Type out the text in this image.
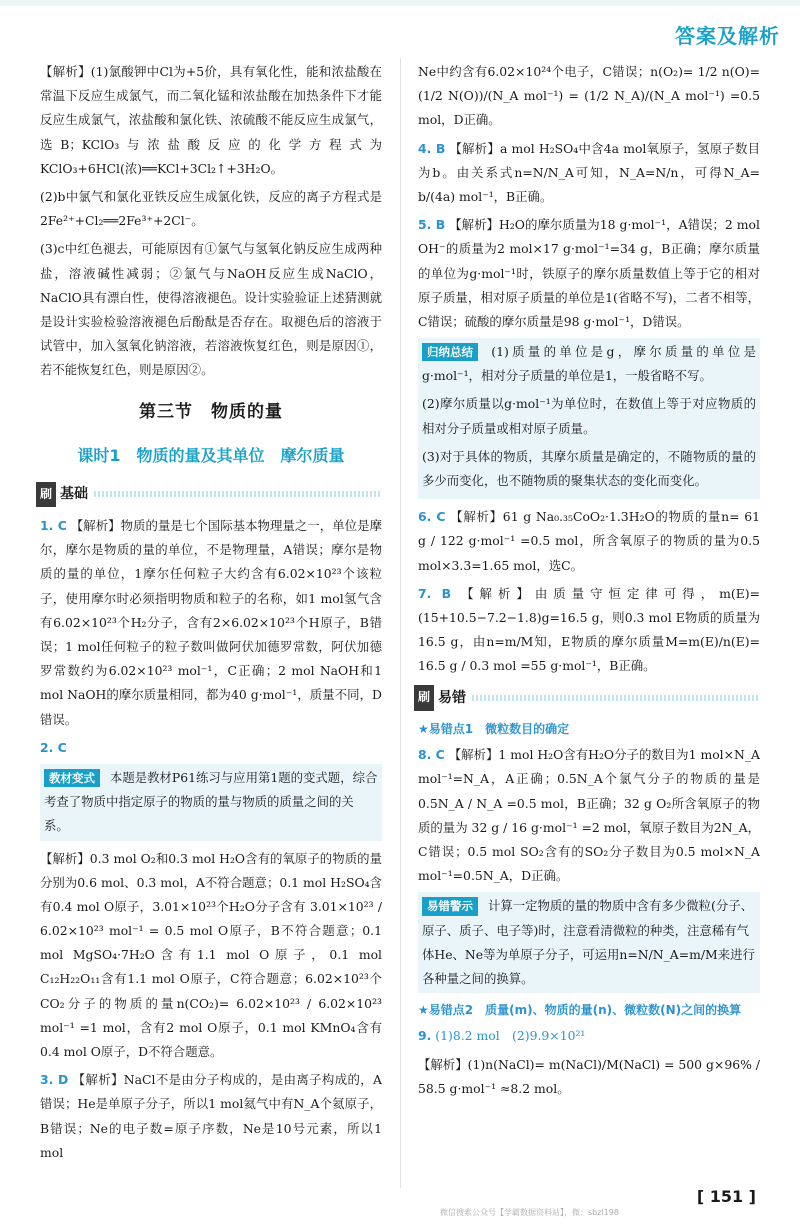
答案及解析

【解析】(1)氯酸钾中Cl为+5价，具有氧化性，能和浓盐酸在常温下反应生成氯气，而二氧化锰和浓盐酸在加热条件下才能反应生成氯气，浓盐酸和氯化铁、浓硫酸不能反应生成氯气，选B；KClO₃与浓盐酸反应的化学方程式为KClO₃+6HCl(浓)══KCl+3Cl₂↑+3H₂O。

(2)b中氯气和氯化亚铁反应生成氯化铁，反应的离子方程式是2Fe²⁺+Cl₂══2Fe³⁺+2Cl⁻。

(3)c中红色褪去，可能原因有①氯气与氢氧化钠反应生成两种盐，溶液碱性减弱；②氯气与NaOH反应生成NaClO，NaClO具有漂白性，使得溶液褪色。设计实验验证上述猜测就是设计实验检验溶液褪色后酚酞是否存在。取褪色后的溶液于试管中，加入氢氧化钠溶液，若溶液恢复红色，则是原因①，若不能恢复红色，则是原因②。

第三节　物质的量
课时1　物质的量及其单位　摩尔质量
刷 基础

1. C 【解析】物质的量是七个国际基本物理量之一，单位是摩尔，摩尔是物质的量的单位，不是物理量，A错误；摩尔是物质的量的单位，1摩尔任何粒子大约含有6.02×10²³个该粒子，使用摩尔时必须指明物质和粒子的名称，如1 mol氢气含有6.02×10²³个H₂分子，含有2×6.02×10²³个H原子，B错误；1 mol任何粒子的粒子数叫做阿伏加德罗常数，阿伏加德罗常数约为6.02×10²³ mol⁻¹，C正确；2 mol NaOH和1 mol NaOH的摩尔质量相同，都为40 g·mol⁻¹，质量不同，D错误。

2. C

教材变式 本题是教材P61练习与应用第1题的变式题，综合考查了物质中指定原子的物质的量与物质的质量之间的关系。

【解析】0.3 mol O₂和0.3 mol H₂O含有的氧原子的物质的量分别为0.6 mol、0.3 mol，A不符合题意；0.1 mol H₂SO₄含有0.4 mol O原子，3.01×10²³个H₂O分子含有 3.01×10²³ / 6.02×10²³ mol⁻¹ = 0.5 mol O原子，B不符合题意；0.1 mol MgSO₄·7H₂O含有1.1 mol O原子，0.1 mol C₁₂H₂₂O₁₁含有1.1 mol O原子，C符合题意；6.02×10²³个CO₂分子的物质的量n(CO₂)= 6.02×10²³ / 6.02×10²³ mol⁻¹ =1 mol，含有2 mol O原子，0.1 mol KMnO₄含有0.4 mol O原子，D不符合题意。

3. D 【解析】NaCl不是由分子构成的，是由离子构成的，A错误；He是单原子分子，所以1 mol氦气中有N_A个氦原子，B错误；Ne的电子数=原子序数，Ne是10号元素，所以1 mol

Ne中约含有6.02×10²⁴个电子，C错误；n(O₂)= 1/2 n(O)= (1/2 N(O))/(N_A mol⁻¹) = (1/2 N_A)/(N_A mol⁻¹) =0.5 mol，D正确。

4. B 【解析】a mol H₂SO₄中含4a mol氧原子，氢原子数目为b。由关系式n=N/N_A可知，N_A=N/n，可得N_A= b/(4a) mol⁻¹，B正确。

5. B 【解析】H₂O的摩尔质量为18 g·mol⁻¹，A错误；2 mol OH⁻的质量为2 mol×17 g·mol⁻¹=34 g，B正确；摩尔质量的单位为g·mol⁻¹时，铁原子的摩尔质量数值上等于它的相对原子质量，相对原子质量的单位是1(省略不写)，二者不相等，C错误；硫酸的摩尔质量是98 g·mol⁻¹，D错误。

归纳总结 (1)质量的单位是g，摩尔质量的单位是g·mol⁻¹，相对分子质量的单位是1，一般省略不写。

(2)摩尔质量以g·mol⁻¹为单位时，在数值上等于对应物质的相对分子质量或相对原子质量。

(3)对于具体的物质，其摩尔质量是确定的，不随物质的量的多少而变化，也不随物质的聚集状态的变化而变化。

6. C 【解析】61 g Na₀.₃₅CoO₂·1.3H₂O的物质的量n= 61 g / 122 g·mol⁻¹ =0.5 mol，所含氧原子的物质的量为0.5 mol×3.3=1.65 mol，选C。

7. B 【解析】由质量守恒定律可得，m(E)=(15+10.5−7.2−1.8)g=16.5 g，则0.3 mol E物质的质量为16.5 g，由n=m/M知，E物质的摩尔质量M=m(E)/n(E)= 16.5 g / 0.3 mol =55 g·mol⁻¹，B正确。

刷 易错
★易错点1　微粒数目的确定

8. C 【解析】1 mol H₂O含有H₂O分子的数目为1 mol×N_A mol⁻¹=N_A，A正确；0.5N_A个氯气分子的物质的量是 0.5N_A / N_A =0.5 mol，B正确；32 g O₂所含氧原子的物质的量为 32 g / 16 g·mol⁻¹ =2 mol，氧原子数目为2N_A，C错误；0.5 mol SO₂含有的SO₂分子数目为0.5 mol×N_A mol⁻¹=0.5N_A，D正确。

易错警示 计算一定物质的量的物质中含有多少微粒(分子、原子、质子、电子等)时，注意看清微粒的种类，注意稀有气体He、Ne等为单原子分子，可运用n=N/N_A=m/M来进行各种量之间的换算。
★易错点2　质量(m)、物质的量(n)、微粒数(N)之间的换算

9. (1)8.2 mol　(2)9.9×10²¹

【解析】(1)n(NaCl)= m(NaCl)/M(NaCl) = 500 g×96% / 58.5 g·mol⁻¹ ≈8.2 mol。

[ 151 ]
微信搜索公众号【学霸数据资料站】，微：sbzl198
